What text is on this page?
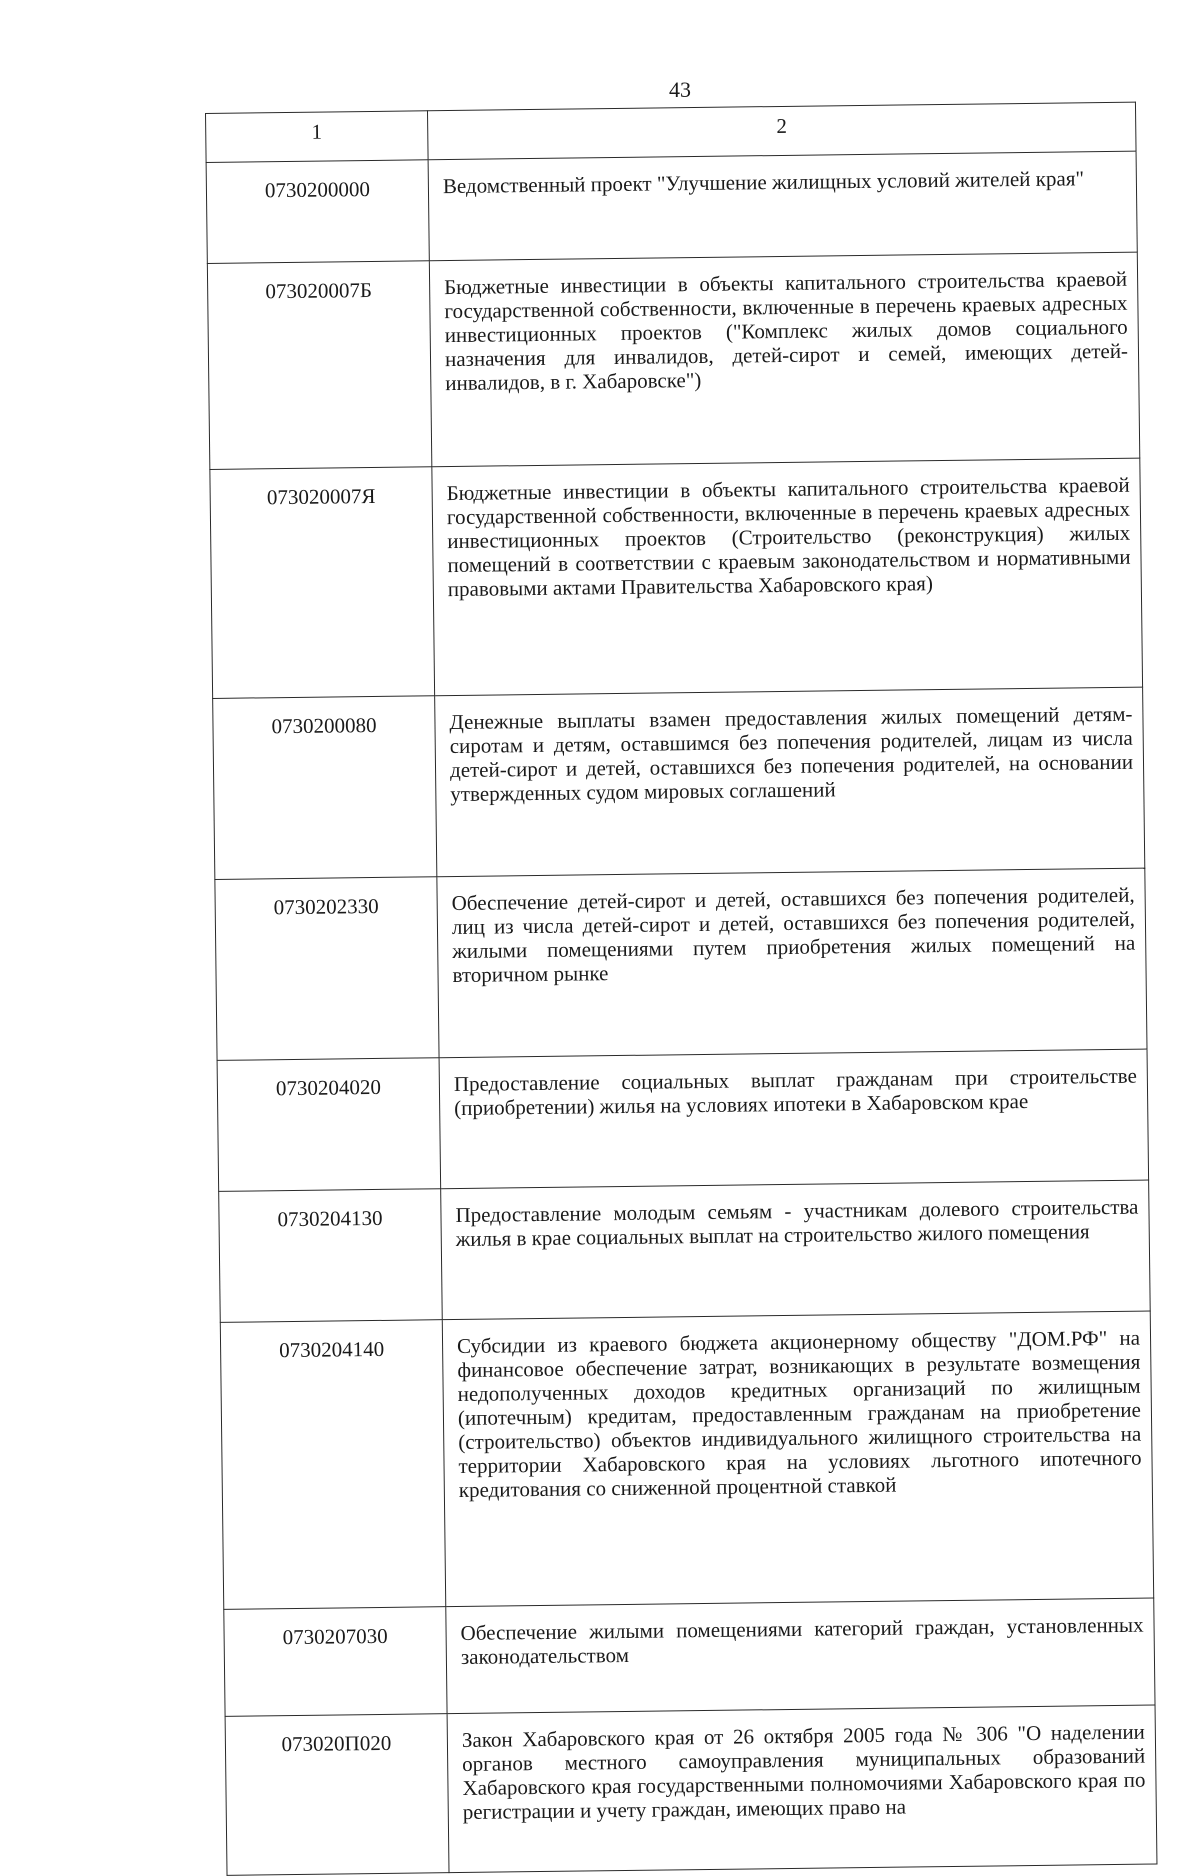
43
1	2
0730200000	Ведомственный проект "Улучшение жилищных условий жителей края"
073020007Б	Бюджетные инвестиции в объекты капитального строительства краевой государственной собственности, включенные в перечень краевых адресных инвестиционных проектов ("Комплекс жилых домов социального назначения для инвалидов, детей-сирот и семей, имеющих детей-инвалидов, в г. Хабаровске")
073020007Я	Бюджетные инвестиции в объекты капитального строительства краевой государственной собственности, включенные в перечень краевых адресных инвестиционных проектов (Строительство (реконструкция) жилых помещений в соответствии с краевым законодательством и нормативными правовыми актами Правительства Хабаровского края)
0730200080	Денежные выплаты взамен предоставления жилых помещений детям-сиротам и детям, оставшимся без попечения родителей, лицам из числа детей-сирот и детей, оставшихся без попечения родителей, на основании утвержденных судом мировых соглашений
0730202330	Обеспечение детей-сирот и детей, оставшихся без попечения родителей, лиц из числа детей-сирот и детей, оставшихся без попечения родителей, жилыми помещениями путем приобретения жилых помещений на вторичном рынке
0730204020	Предоставление социальных выплат гражданам при строительстве (приобретении) жилья на условиях ипотеки в Хабаровском крае
0730204130	Предоставление молодым семьям - участникам долевого строительства жилья в крае социальных выплат на строительство жилого помещения
0730204140	Субсидии из краевого бюджета акционерному обществу "ДОМ.РФ" на финансовое обеспечение затрат, возникающих в результате возмещения недополученных доходов кредитных организаций по жилищным (ипотечным) кредитам, предоставленным гражданам на приобретение (строительство) объектов индивидуального жилищного строительства на территории Хабаровского края на условиях льготного ипотечного кредитования со сниженной процентной ставкой
0730207030	Обеспечение жилыми помещениями категорий граждан, установленных законодательством
073020П020	Закон Хабаровского края от 26 октября 2005 года № 306 "О наделении органов местного самоуправления муниципальных образований Хабаровского края государственными полномочиями Хабаровского края по регистрации и учету граждан, имеющих право на
